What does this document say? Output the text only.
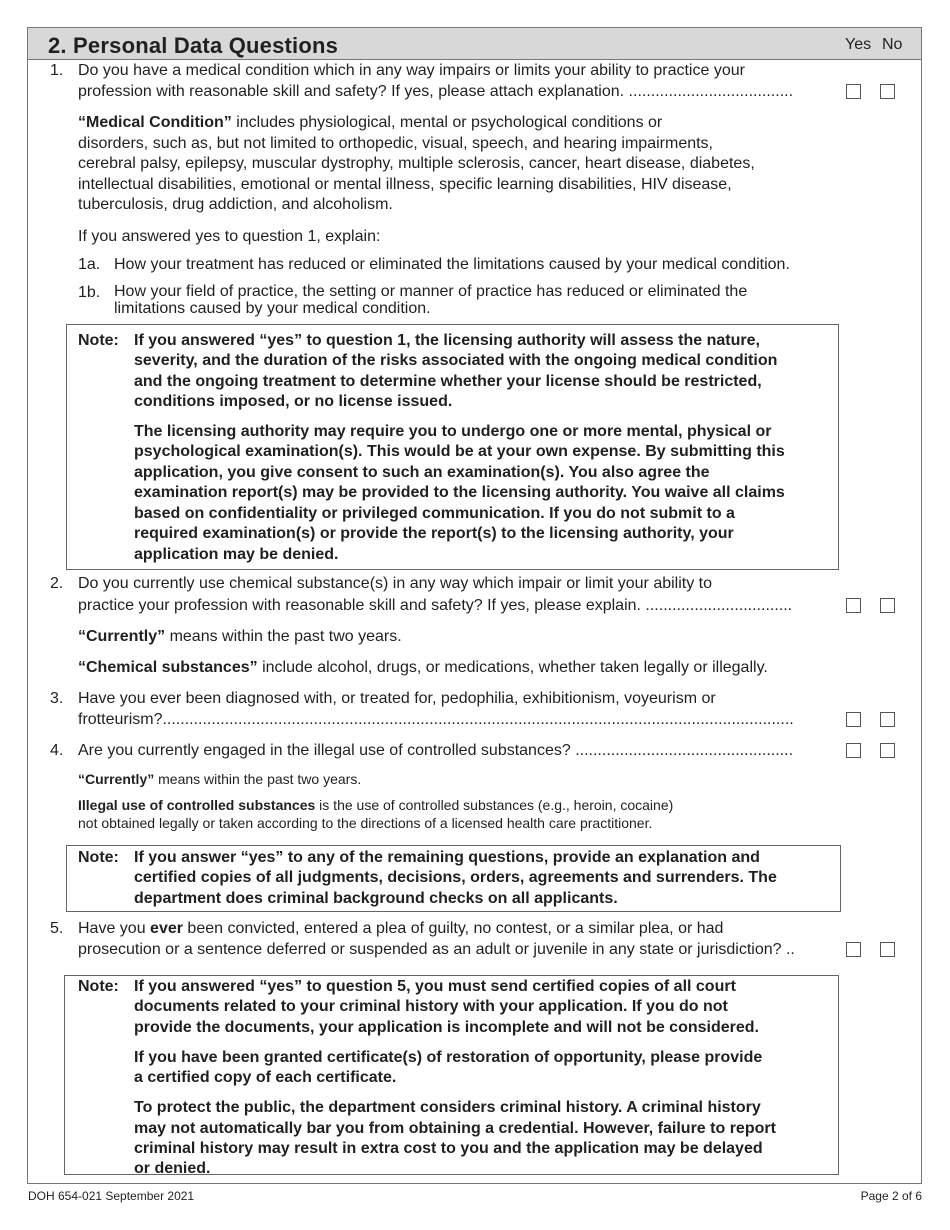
2. Personal Data Questions	Yes No
1. Do you have a medical condition which in any way impairs or limits your ability to practice your
profession with reasonable skill and safety? If yes, please attach explanation. .....................................
“Medical Condition” includes physiological, mental or psychological conditions or
disorders, such as, but not limited to orthopedic, visual, speech, and hearing impairments,
cerebral palsy, epilepsy, muscular dystrophy, multiple sclerosis, cancer, heart disease, diabetes,
intellectual disabilities, emotional or mental illness, specific learning disabilities, HIV disease,
tuberculosis, drug addiction, and alcoholism.
If you answered yes to question 1, explain:
1a. How your treatment has reduced or eliminated the limitations caused by your medical condition.
1b. How your field of practice, the setting or manner of practice has reduced or eliminated the
limitations caused by your medical condition.
Note: If you answered “yes” to question 1, the licensing authority will assess the nature,
severity, and the duration of the risks associated with the ongoing medical condition
and the ongoing treatment to determine whether your license should be restricted,
conditions imposed, or no license issued.
The licensing authority may require you to undergo one or more mental, physical or
psychological examination(s). This would be at your own expense. By submitting this
application, you give consent to such an examination(s). You also agree the
examination report(s) may be provided to the licensing authority. You waive all claims
based on confidentiality or privileged communication. If you do not submit to a
required examination(s) or provide the report(s) to the licensing authority, your
application may be denied.
2. Do you currently use chemical substance(s) in any way which impair or limit your ability to
practice your profession with reasonable skill and safety? If yes, please explain. .................................
“Currently” means within the past two years.
“Chemical substances” include alcohol, drugs, or medications, whether taken legally or illegally.
3. Have you ever been diagnosed with, or treated for, pedophilia, exhibitionism, voyeurism or
frotteurism?..............................................................................................................................................
4. Are you currently engaged in the illegal use of controlled substances? .................................................
“Currently” means within the past two years.
Illegal use of controlled substances is the use of controlled substances (e.g., heroin, cocaine)
not obtained legally or taken according to the directions of a licensed health care practitioner.
Note: If you answer “yes” to any of the remaining questions, provide an explanation and
certified copies of all judgments, decisions, orders, agreements and surrenders. The
department does criminal background checks on all applicants.
5. Have you ever been convicted, entered a plea of guilty, no contest, or a similar plea, or had
prosecution or a sentence deferred or suspended as an adult or juvenile in any state or jurisdiction? ..
Note: If you answered “yes” to question 5, you must send certified copies of all court
documents related to your criminal history with your application. If you do not
provide the documents, your application is incomplete and will not be considered.
If you have been granted certificate(s) of restoration of opportunity, please provide
a certified copy of each certificate.
To protect the public, the department considers criminal history. A criminal history
may not automatically bar you from obtaining a credential. However, failure to report
criminal history may result in extra cost to you and the application may be delayed
or denied.
DOH 654-021 September 2021	Page 2 of 6
